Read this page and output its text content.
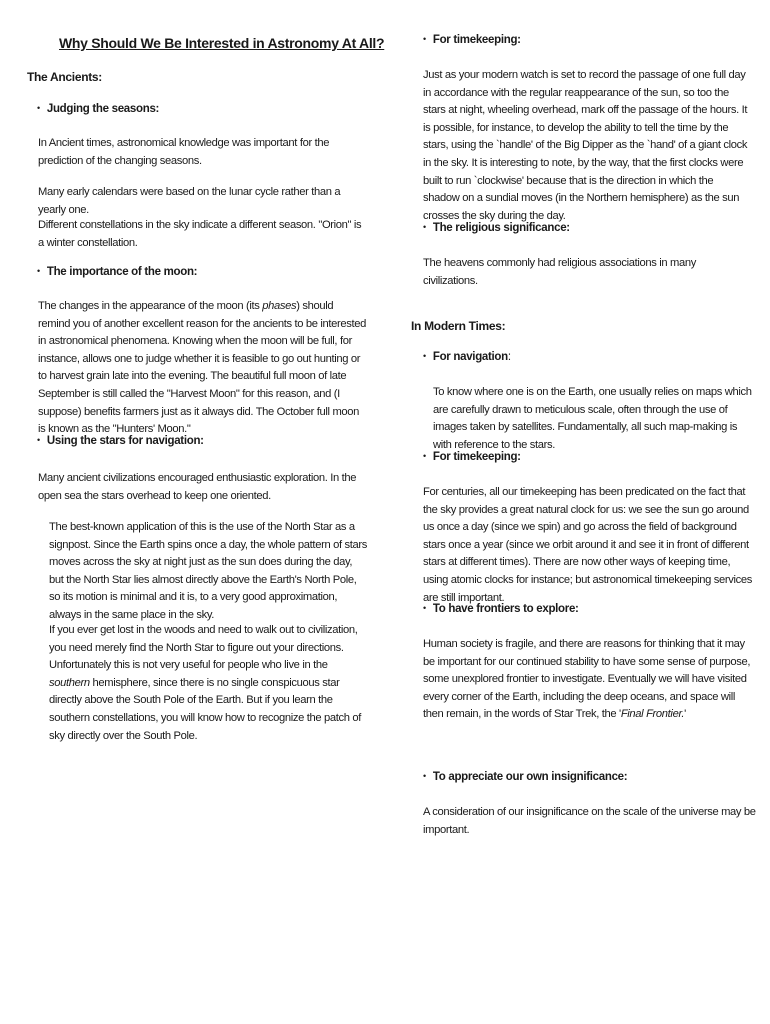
Why Should We Be Interested in Astronomy At All?
The Ancients:
• Judging the seasons:
In Ancient times, astronomical knowledge was important for the prediction of the changing seasons.
Many early calendars were based on the lunar cycle rather than a yearly one.
Different constellations in the sky indicate a different season. "Orion" is a winter constellation.
• The importance of the moon:
The changes in the appearance of the moon (its phases) should remind you of another excellent reason for the ancients to be interested in astronomical phenomena. Knowing when the moon will be full, for instance, allows one to judge whether it is feasible to go out hunting or to harvest grain late into the evening. The beautiful full moon of late September is still called the "Harvest Moon" for this reason, and (I suppose) benefits farmers just as it always did. The October full moon is known as the "Hunters' Moon."
• Using the stars for navigation:
Many ancient civilizations encouraged enthusiastic exploration. In the open sea the stars overhead to keep one oriented.
The best-known application of this is the use of the North Star as a signpost. Since the Earth spins once a day, the whole pattern of stars moves across the sky at night just as the sun does during the day, but the North Star lies almost directly above the Earth's North Pole, so its motion is minimal and it is, to a very good approximation, always in the same place in the sky.
If you ever get lost in the woods and need to walk out to civilization, you need merely find the North Star to figure out your directions. Unfortunately this is not very useful for people who live in the southern hemisphere, since there is no single conspicuous star directly above the South Pole of the Earth. But if you learn the southern constellations, you will know how to recognize the patch of sky directly over the South Pole.
• For timekeeping:
Just as your modern watch is set to record the passage of one full day in accordance with the regular reappearance of the sun, so too the stars at night, wheeling overhead, mark off the passage of the hours. It is possible, for instance, to develop the ability to tell the time by the stars, using the `handle' of the Big Dipper as the `hand' of a giant clock in the sky. It is interesting to note, by the way, that the first clocks were built to run `clockwise' because that is the direction in which the shadow on a sundial moves (in the Northern hemisphere) as the sun crosses the sky during the day.
• The religious significance:
The heavens commonly had religious associations in many civilizations.
In Modern Times:
• For navigation:
To know where one is on the Earth, one usually relies on maps which are carefully drawn to meticulous scale, often through the use of images taken by satellites. Fundamentally, all such map-making is with reference to the stars.
• For timekeeping:
For centuries, all our timekeeping has been predicated on the fact that the sky provides a great natural clock for us: we see the sun go around us once a day (since we spin) and go across the field of background stars once a year (since we orbit around it and see it in front of different stars at different times). There are now other ways of keeping time, using atomic clocks for instance; but astronomical timekeeping services are still important.
• To have frontiers to explore:
Human society is fragile, and there are reasons for thinking that it may be important for our continued stability to have some sense of purpose, some unexplored frontier to investigate. Eventually we will have visited every corner of the Earth, including the deep oceans, and space will then remain, in the words of Star Trek, the 'Final Frontier.'
• To appreciate our own insignificance:
A consideration of our insignificance on the scale of the universe may be important.
